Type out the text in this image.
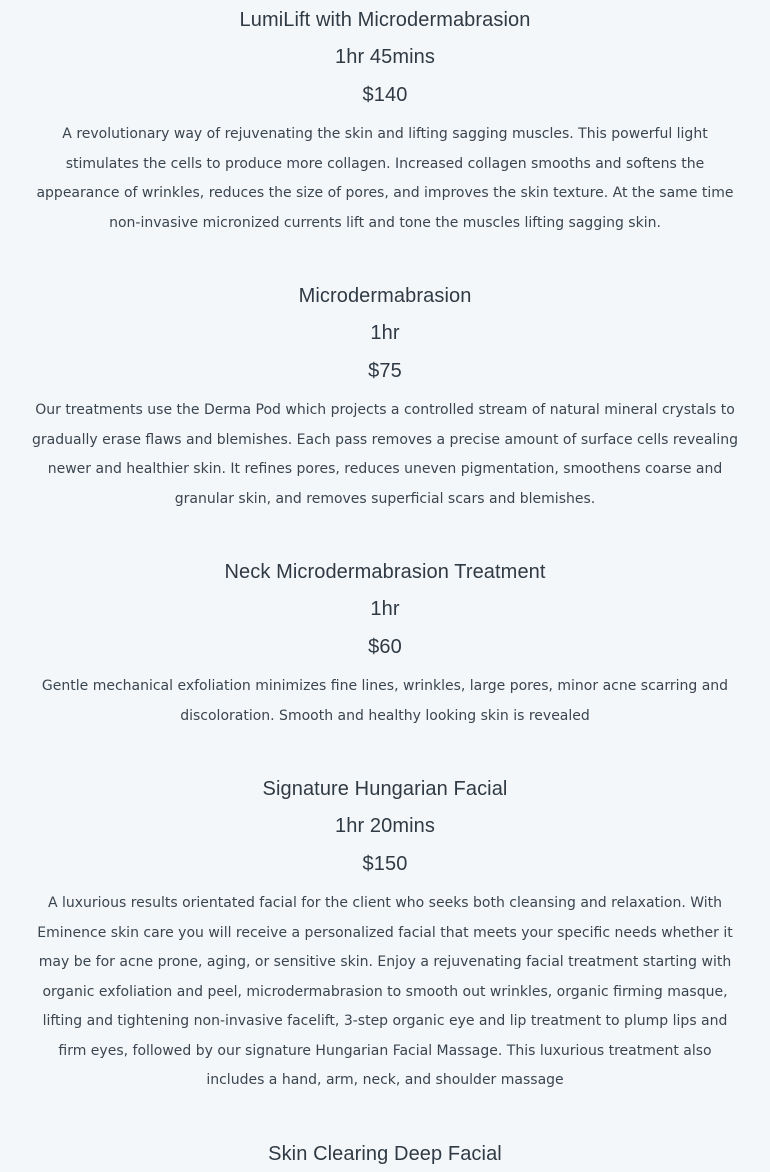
LumiLift with Microdermabrasion
1hr 45mins
$140

A revolutionary way of rejuvenating the skin and lifting sagging muscles. This powerful light stimulates the cells to produce more collagen. Increased collagen smooths and softens the appearance of wrinkles, reduces the size of pores, and improves the skin texture. At the same time non-invasive micronized currents lift and tone the muscles lifting sagging skin.

Microdermabrasion
1hr
$75

Our treatments use the Derma Pod which projects a controlled stream of natural mineral crystals to gradually erase flaws and blemishes. Each pass removes a precise amount of surface cells revealing newer and healthier skin. It refines pores, reduces uneven pigmentation, smoothens coarse and granular skin, and removes superficial scars and blemishes.

Neck Microdermabrasion Treatment
1hr
$60

Gentle mechanical exfoliation minimizes fine lines, wrinkles, large pores, minor acne scarring and discoloration. Smooth and healthy looking skin is revealed

Signature Hungarian Facial
1hr 20mins
$150

A luxurious results orientated facial for the client who seeks both cleansing and relaxation. With Eminence skin care you will receive a personalized facial that meets your specific needs whether it may be for acne prone, aging, or sensitive skin. Enjoy a rejuvenating facial treatment starting with organic exfoliation and peel, microdermabrasion to smooth out wrinkles, organic firming masque, lifting and tightening non-invasive facelift, 3-step organic eye and lip treatment to plump lips and firm eyes, followed by our signature Hungarian Facial Massage. This luxurious treatment also includes a hand, arm, neck, and shoulder massage

Skin Clearing Deep Facial
